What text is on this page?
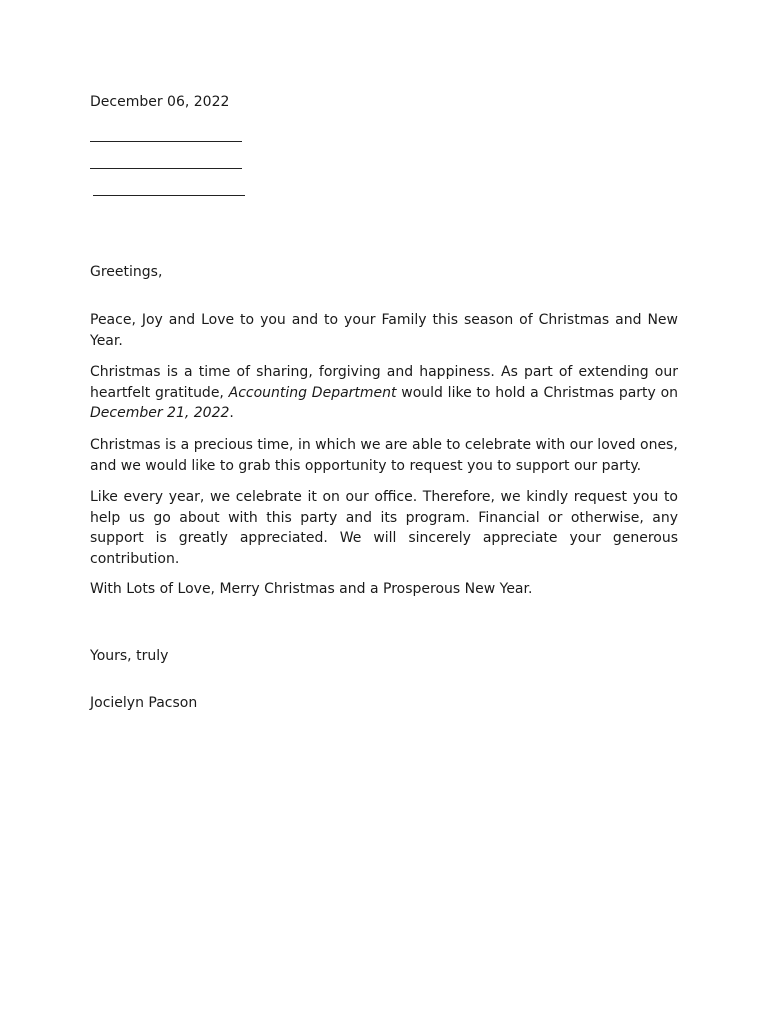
December 06, 2022
Greetings,
Peace, Joy and Love to you and to your Family this season of Christmas and New Year.
Christmas is a time of sharing, forgiving and happiness. As part of extending our heartfelt gratitude, Accounting Department would like to hold a Christmas party on December 21, 2022.
Christmas is a precious time, in which we are able to celebrate with our loved ones, and we would like to grab this opportunity to request you to support our party.
Like every year, we celebrate it on our office. Therefore, we kindly request you to help us go about with this party and its program. Financial or otherwise, any support is greatly appreciated. We will sincerely appreciate your generous contribution.
With Lots of Love, Merry Christmas and a Prosperous New Year.
Yours, truly
Jocielyn Pacson
